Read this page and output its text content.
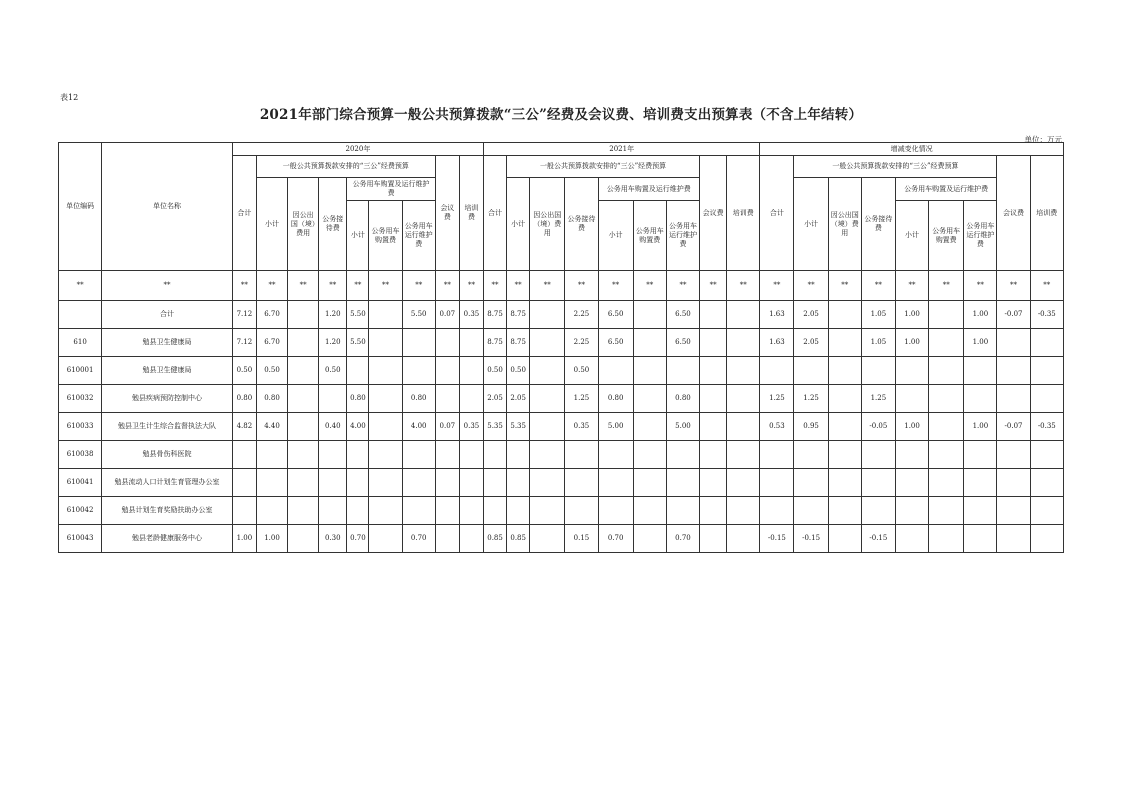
表12
2021年部门综合预算一般公共预算拨款“三公”经费及会议费、培训费支出预算表（不含上年结转）
单位：万元
单位编码	单位名称	2020年									2021年									增减变化情况								
		合计	一般公共预算拨款安排的“三公”经费预算						会议费	培训费	合计	一般公共预算拨款安排的“三公”经费预算						会议费	培训费	合计	一般公共预算拨款安排的“三公”经费预算						会议费	培训费
			小计	因公出国（境）费用	公务接待费	公务用车购置及运行维护费						小计	因公出国（境）费用	公务接待费	公务用车购置及运行维护费						小计	因公出国（境）费用	公务接待费	公务用车购置及运行维护费				
						小计	公务用车购置费	公务用车运行维护费							小计	公务用车购置费	公务用车运行维护费							小计	公务用车购置费	公务用车运行维护费		
**	**	**	**	**	**	**	**	**	**	**	**	**	**	**	**	**	**	**	**	**	**	**	**	**	**	**	**	**
	合计	7.12	6.70		1.20	5.50		5.50	0.07	0.35	8.75	8.75		2.25	6.50		6.50			1.63	2.05		1.05	1.00		1.00	-0.07	-0.35
610	勉县卫生健康局	7.12	6.70		1.20	5.50					8.75	8.75		2.25	6.50		6.50			1.63	2.05		1.05	1.00		1.00		
610001	勉县卫生健康局	0.50	0.50		0.50						0.50	0.50		0.50														
610032	勉县疾病预防控制中心	0.80	0.80			0.80		0.80			2.05	2.05		1.25	0.80		0.80			1.25	1.25		1.25					
610033	勉县卫生计生综合监督执法大队	4.82	4.40		0.40	4.00		4.00	0.07	0.35	5.35	5.35		0.35	5.00		5.00			0.53	0.95		-0.05	1.00		1.00	-0.07	-0.35
610038	勉县骨伤科医院																											
610041	勉县流动人口计划生育管理办公室																											
610042	勉县计划生育奖励扶助办公室																											
610043	勉县老龄健康服务中心	1.00	1.00		0.30	0.70		0.70			0.85	0.85		0.15	0.70		0.70			-0.15	-0.15		-0.15					
